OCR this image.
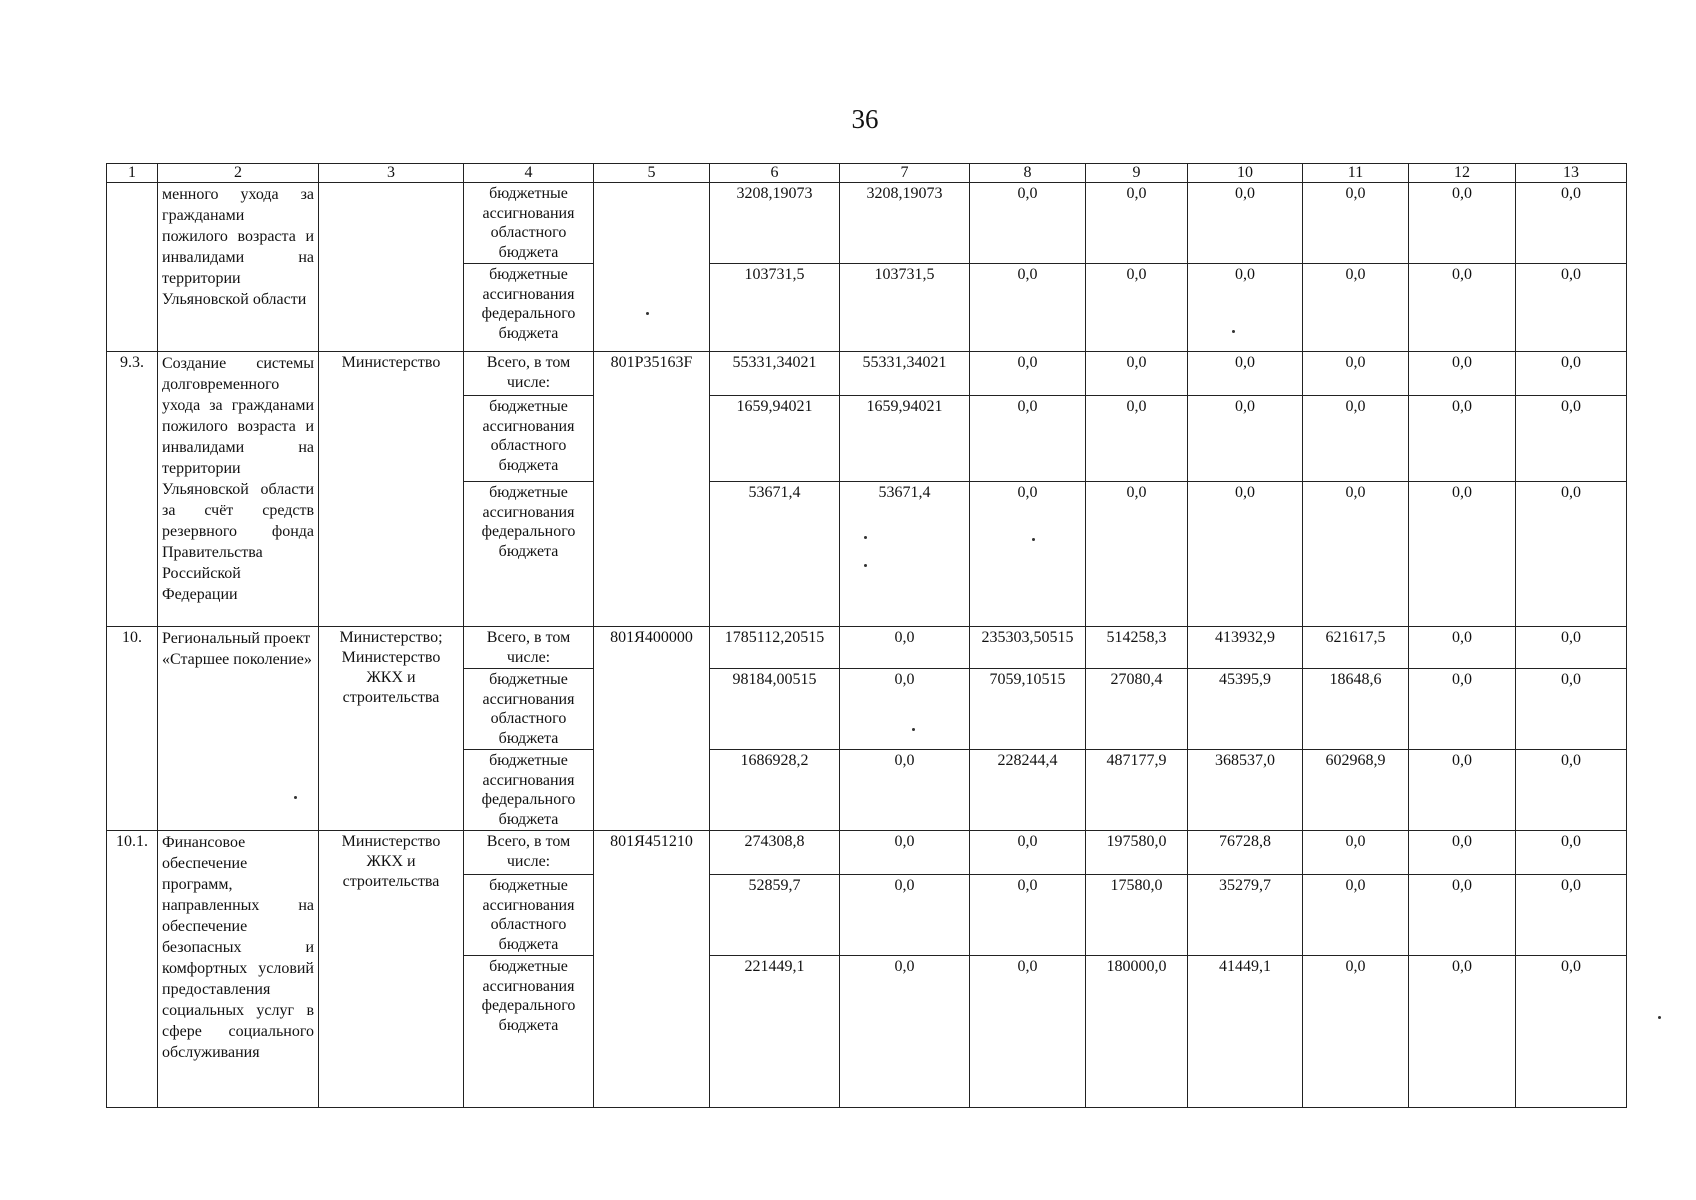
36
1	2	3	4	5	6	7	8	9	10	11	12	13
	менного ухода за гражданами пожилого возраста и инвалидами на территории Ульяновской области		бюджетные ассигнования областного бюджета		3208,19073	3208,19073	0,0	0,0	0,0	0,0	0,0	0,0
			бюджетные ассигнования федерального бюджета		103731,5	103731,5	0,0	0,0	0,0	0,0	0,0	0,0
9.3.	Создание системы долговременного ухода за гражданами пожилого возраста и инвалидами на территории Ульяновской области за счёт средств резервного фонда Правительства Российской Федерации	Министерство	Всего, в том числе:	801Р35163F	55331,34021	55331,34021	0,0	0,0	0,0	0,0	0,0	0,0
			бюджетные ассигнования областного бюджета		1659,94021	1659,94021	0,0	0,0	0,0	0,0	0,0	0,0
			бюджетные ассигнования федерального бюджета		53671,4	53671,4	0,0	0,0	0,0	0,0	0,0	0,0
10.	Региональный проект «Старшее поколение»	Министерство; Министерство ЖКХ и строительства	Всего, в том числе:	801Я400000	1785112,20515	0,0	235303,50515	514258,3	413932,9	621617,5	0,0	0,0
			бюджетные ассигнования областного бюджета		98184,00515	0,0	7059,10515	27080,4	45395,9	18648,6	0,0	0,0
			бюджетные ассигнования федерального бюджета		1686928,2	0,0	228244,4	487177,9	368537,0	602968,9	0,0	0,0
10.1.	Финансовое обеспечение программ, направленных на обеспечение безопасных и комфортных условий предоставления социальных услуг в сфере социального обслуживания	Министерство ЖКХ и строительства	Всего, в том числе:	801Я451210	274308,8	0,0	0,0	197580,0	76728,8	0,0	0,0	0,0
			бюджетные ассигнования областного бюджета		52859,7	0,0	0,0	17580,0	35279,7	0,0	0,0	0,0
			бюджетные ассигнования федерального бюджета		221449,1	0,0	0,0	180000,0	41449,1	0,0	0,0	0,0
